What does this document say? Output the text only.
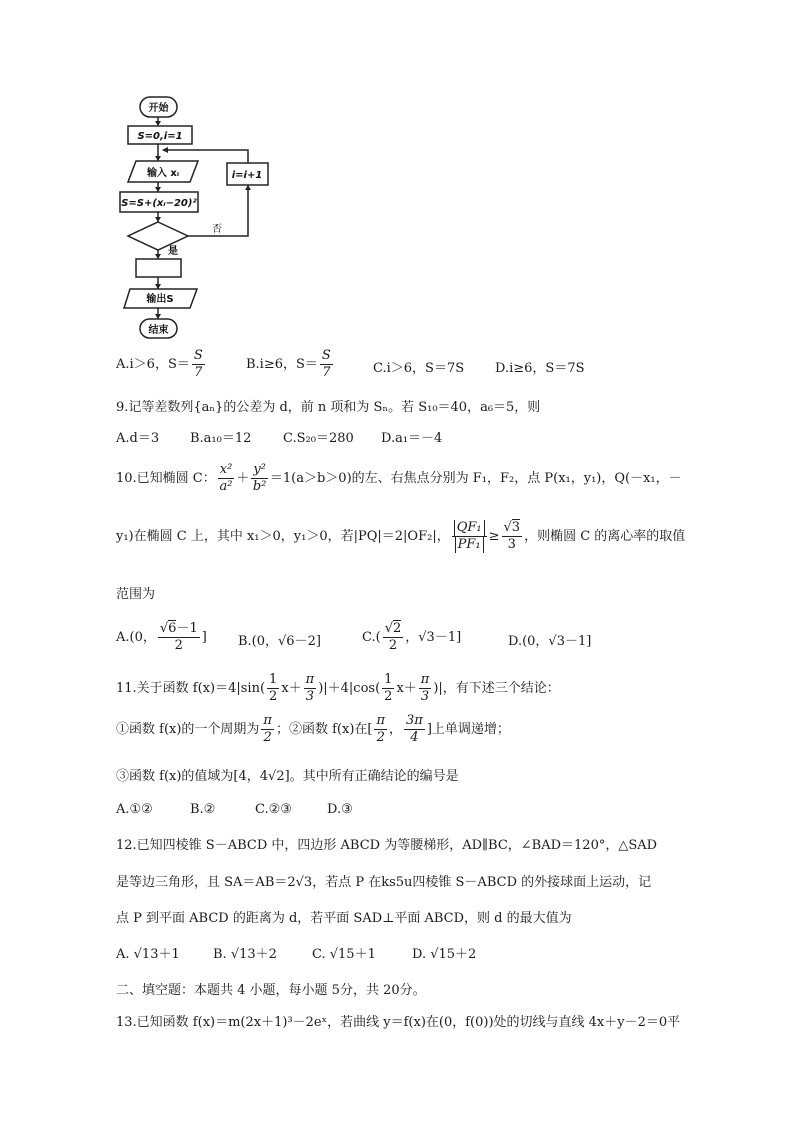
开始
S=0,i=1
输入 xᵢ
S=S+(xᵢ−20)²
i=i+1
否
是
输出S
结束
A.i＞6，$S= \frac{S}{7}$	B.i≥6，$S= \frac{S}{7}$	C.i＞6，S＝7S D.i≥6，S＝7S
9.记等差数列{aₙ}的公差为 d，前 n 项和为 Sₙ。若 S₁₀＝40，a₆＝5，则
A.d＝3 B.a₁₀＝12 C.S₂₀＝280 D.a₁＝－4
10.已知椭圆 C： $\frac{\text{x²}}{\text{a²}} + \frac{\text{y²}}{\text{b²}} =1(a>b>0)$的左、右焦点分别为 F₁，F₂，点 P(x₁，y₁)，Q(－x₁，－
y₁)在椭圆 C 上，其中 x₁＞0，y₁＞0，若|PQ|＝2|OF₂|， $\frac{\text{QF₁}}{\text{PF₁}} \ge \frac{√3}{3}$ ，则椭圆 C 的离心率的取值
范围为
A.(0， $\frac{√6-1}{2}$ ] B.(0，√6－2]	$C.( \frac{√2}{2}$ ，√3－1]	D.(0，√3－1]
11.关于函数 $f(x)=4|\sin( \frac{1}{2} x+ \frac{\pi}{3} )|+4|\cos( \frac{1}{2} x+ \frac{\pi}{3}$ )|，有下述三个结论：
①函数 f(x)的一个周期为 $\frac{\pi}{2}$ ；②函数 f(x)在[ $\frac{\pi}{2}$ ， $\frac{3\pi}{4}$ ]上单调递增；
③函数 f(x)的值域为[4，4√2]。其中所有正确结论的编号是
A.①②	B.②	C.②③	D.③
12.已知四棱锥 S－ABCD 中，四边形 ABCD 为等腰梯形，AD∥BC，∠BAD＝120°，△SAD
是等边三角形，且 SA＝AB＝2√3，若点 P 在ks5u四棱锥 S－ABCD 的外接球面上运动，记
点 P 到平面 ABCD 的距离为 d，若平面 SAD⊥平面 ABCD，则 d 的最大值为
A. √13＋1	B. √13＋2	C. √15＋1	D. √15＋2
二、填空题：本题共 4 小题，每小题 5分，共 20分。
13.已知函数 f(x)＝m(2x＋1)³－2eˣ，若曲线 y＝f(x)在(0，f(0))处的切线与直线 4x＋y－2＝0平
